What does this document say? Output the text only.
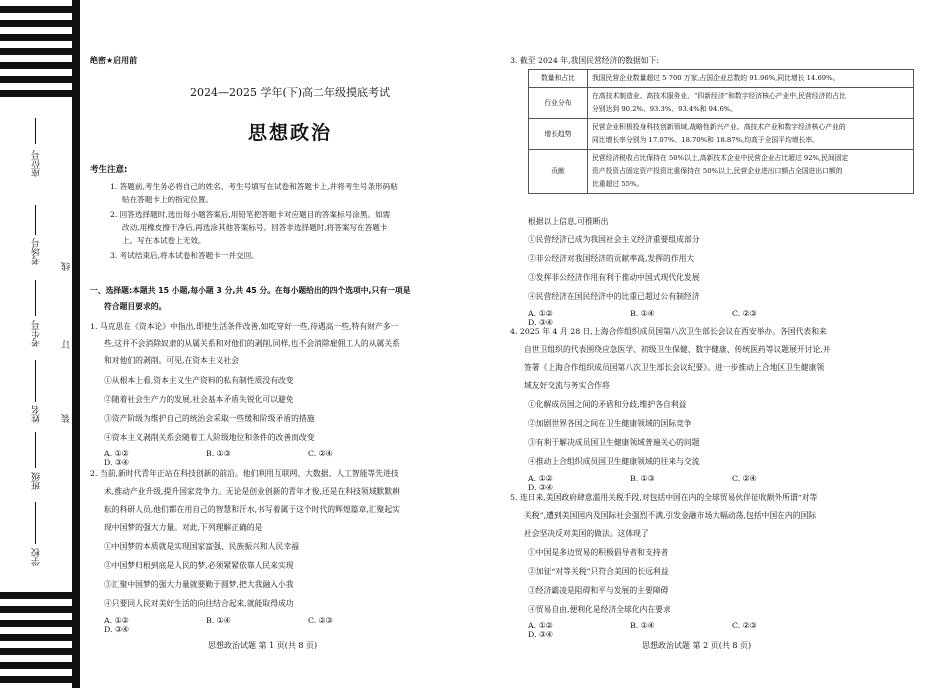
座位号
考场号
考生号
姓名
班级
学校
线
订
装
绝密★启用前
2024—2025 学年(下)高二年级摸底考试
思想政治
考生注意:
1. 答题前,考生务必将自己的姓名、考生号填写在试卷和答题卡上,并将考生号条形码粘
贴在答题卡上的指定位置。
2. 回答选择题时,选出每小题答案后,用铅笔把答题卡对应题目的答案标号涂黑。如需
改动,用橡皮擦干净后,再选涂其他答案标号。回答非选择题时,将答案写在答题卡
上。写在本试卷上无效。
3. 考试结束后,将本试卷和答题卡一并交回。
一、选择题:本题共 15 小题,每小题 3 分,共 45 分。在每小题给出的四个选项中,只有一项是
符合题目要求的。
1. 马克思在《资本论》中指出,即使生活条件改善,如吃穿好一些,待遇高一些,特有财产多一
些,这并不会消除奴隶的从属关系和对他们的剥削,同样,也不会消除雇佣工人的从属关系
和对他们的剥削。可见,在资本主义社会
①从根本上看,资本主义生产资料的私有制性质没有改变
②随着社会生产力的发展,社会基本矛盾失锐化可以避免
③资产阶级为维护自己的统治会采取一些缓和阶级矛盾的措施
④资本主义剥削关系会随着工人阶级地位和条件的改善而改变
A. ①②	B. ①③	C. ②④D. ③④
2. 当前,新时代青年正站在科技创新的前沿。他们利用互联网、大数据、人工智能等先进技
术,推动产业升级,提升国家竞争力。无论是创业创新的青年才俊,还是在科技领域默默耕
耘的科研人员,他们都在用自己的智慧和汗水,书写着属于这个时代的辉煌篇章,汇聚起实
现中国梦的强大力量。对此,下列理解正确的是
①中国梦的本质就是实现国家富强、民族振兴和人民幸福
②中国梦归根到底是人民的梦,必须紧紧依靠人民来实现
③汇聚中国梦的强大力量就要勤于圆梦,把大我融入小我
④只要同人民对美好生活的向往结合起来,就能取得成功
A. ①②	B. ①④	C. ②③D. ③④
思想政治试题 第 1 页(共 8 页)
3. 截至 2024 年,我国民营经济的数据如下:
数量和占比	我国民营企业数量超过 5 700 万家,占国企业总数的 91.96%,同比增长 14.69%。

行业分布	在高技术制造业、高技术服务业、“四新经济”和数字经济核心产业中,民营经济的占比
分别达到 90.2%、93.3%、93.4%和 94.6%。

增长趋势	民营企业积极投身科技创新领域,战略性新兴产业、高技术产业和数字经济核心产业的
同比增长率分别为 17.07%、18.70%和 18.87%,均高于全国平均增长率。

贡献	民营经济税收占比保持在 50%以上,高新技术企业中民营企业占比超过 92%,民间固定
资产投资占固定资产投资比重保持在 50%以上,民营企业进出口额占全国进出口额的
比重超过 55%。
根据以上信息,可推断出
①民营经济已成为我国社会主义经济重要组成部分
②非公经济对我国经济的贡献率高,发挥的作用大
③发挥非公经济作用有利于推动中国式现代化发展
④民营经济在国民经济中的比重已超过公有制经济
A. ①②	B. ①④	C. ②③D. ③④
4. 2025 年 4 月 28 日,上海合作组织成员国第八次卫生部长会议在西安举办。各国代表和来
自世卫组织的代表围绕应急医学、初级卫生保健、数字健康、传统医药等议题展开讨论,并
签署《上海合作组织成员国第八次卫生部长会议纪要》。进一步推动上合地区卫生健康领
域友好交流与务实合作将
①化解成员国之间的矛盾和分歧,维护各自利益
②加剧世界各国之间在卫生健康领域的国际竞争
③有利于解决成员国卫生健康领域普遍关心的问题
④推动上合组织成员国卫生健康领域的往来与交流
A. ①②	B. ①③	C. ②④D. ③④
5. 连日来,美国政府肆意滥用关税手段,对包括中国在内的全球贸易伙伴征收额外所谓“对等
关税”,遭到美国国内及国际社会强烈不满,引发金融市场大幅动荡,包括中国在内的国际
社会坚决反对美国的做法。这体现了
①中国是多边贸易的积极倡导者和支持者
②加征“对等关税”只符合美国的长远利益
③经济霸凌是阻碍和平与发展的主要障碍
④贸易自由,便利化是经济全球化内在要求
A. ①②	B. ①④	C. ②③D. ③④
思想政治试题 第 2 页(共 8 页)
